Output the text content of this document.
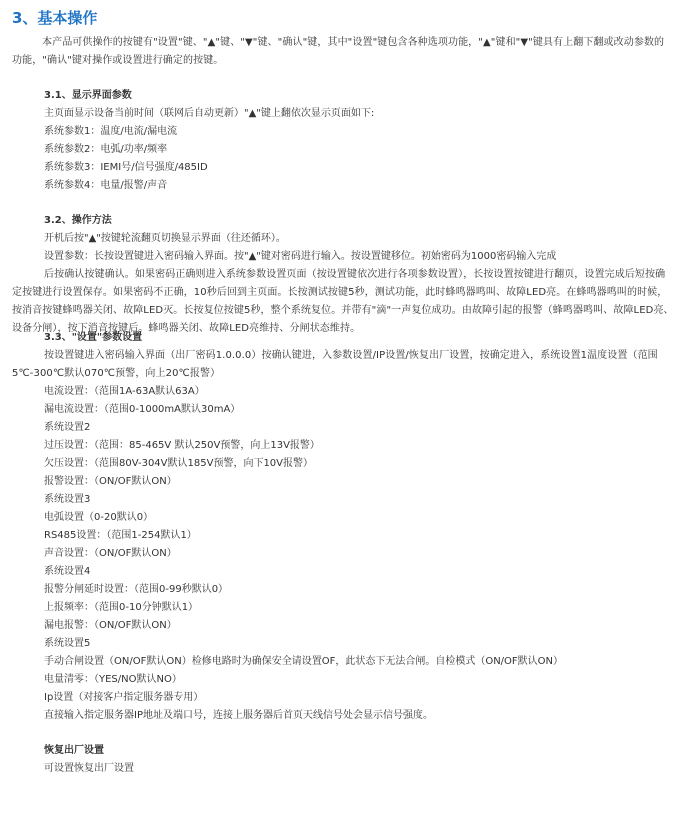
3、基本操作

本产品可供操作的按键有"设置"键、"▲"键、"▼"键、"确认"键，其中"设置"键包含各种选项功能，"▲"键和"▼"键具有上翻下翻或改动参数的功能，"确认"键对操作或设置进行确定的按键。

3.1、显示界面参数

主页面显示设备当前时间（联网后自动更新）"▲"键上翻依次显示页面如下:

系统参数1：温度/电流/漏电流

系统参数2：电弧/功率/频率

系统参数3：IEMI号/信号强度/485ID

系统参数4：电量/报警/声音

3.2、操作方法

开机后按"▲"按键轮流翻页切换显示界面（往还循环）。

设置参数：长按设置键进入密码输入界面。按"▲"键对密码进行输入。按设置键移位。初始密码为1000密码输入完成

后按确认按键确认。如果密码正确则进入系统参数设置页面（按设置键依次进行各项参数设置），长按设置按键进行翻页，设置完成后短按确定按键进行设置保存。如果密码不正确，10秒后回到主页面。长按测试按键5秒，测试功能，此时蜂鸣器鸣叫、故障LED亮。在蜂鸣器鸣叫的时候，按消音按键蜂鸣器关闭、故障LED灭。长按复位按键5秒，整个系统复位。并带有"滴"一声复位成功。由故障引起的报警（蜂鸣器鸣叫、故障LED亮、设备分闸），按下消音按键后。蜂鸣器关闭、故障LED亮维持、分闸状态维持。

3.3、"设置"参数设置

按设置键进入密码输入界面（出厂密码1.0.0.0）按确认键进，入参数设置/IP设置/恢复出厂设置，按确定进入，系统设置1温度设置（范围5℃-300℃默认070℃预警，向上20℃报警）

电流设置：（范围1A-63A默认63A）

漏电流设置：（范围0-1000mA默认30mA）

系统设置2

过压设置：（范围：85-465V 默认250V预警，向上13V报警）

欠压设置：（范围80V-304V默认185V预警，向下10V报警）

报警设置：（ON/OF默认ON）

系统设置3

电弧设置（0-20默认0）

RS485设置：（范围1-254默认1）

声音设置：（ON/OF默认ON）

系统设置4

报警分闸延时设置：（范围0-99秒默认0）

上报频率：（范围0-10分钟默认1）

漏电报警：（ON/OF默认ON）

系统设置5

手动合闸设置（ON/OF默认ON）检修电路时为确保安全请设置OF，此状态下无法合闸。自检模式（ON/OF默认ON）

电量清零：（YES/NO默认NO）

Ip设置（对接客户指定服务器专用）

直接输入指定服务器IP地址及端口号，连接上服务器后首页天线信号处会显示信号强度。

恢复出厂设置

可设置恢复出厂设置
